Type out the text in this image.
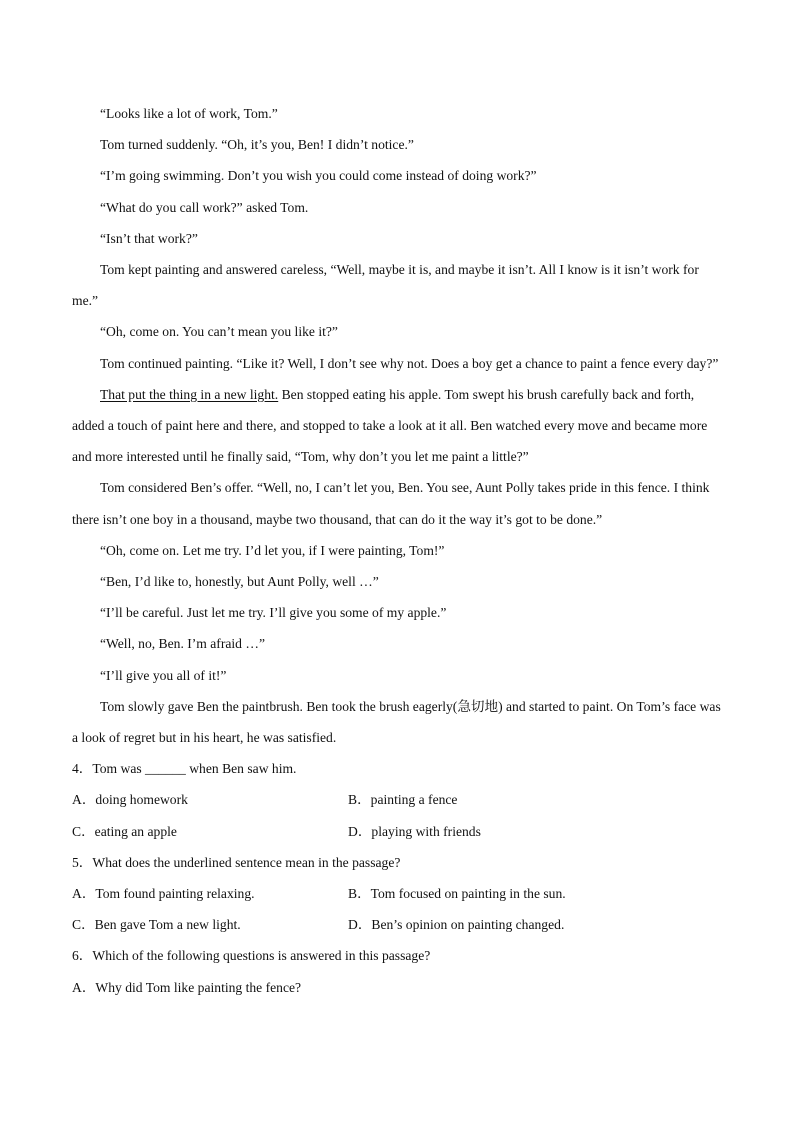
“Looks like a lot of work, Tom.”

Tom turned suddenly. “Oh, it’s you, Ben! I didn’t notice.”

“I’m going swimming. Don’t you wish you could come instead of doing work?”

“What do you call work?” asked Tom.

“Isn’t that work?”

Tom kept painting and answered careless, “Well, maybe it is, and maybe it isn’t. All I know is it isn’t work for me.”

“Oh, come on. You can’t mean you like it?”

Tom continued painting. “Like it? Well, I don’t see why not. Does a boy get a chance to paint a fence every day?”

That put the thing in a new light. Ben stopped eating his apple. Tom swept his brush carefully back and forth, added a touch of paint here and there, and stopped to take a look at it all. Ben watched every move and became more and more interested until he finally said, “Tom, why don’t you let me paint a little?”

Tom considered Ben’s offer. “Well, no, I can’t let you, Ben. You see, Aunt Polly takes pride in this fence. I think there isn’t one boy in a thousand, maybe two thousand, that can do it the way it’s got to be done.”

“Oh, come on. Let me try. I’d let you, if I were painting, Tom!”

“Ben, I’d like to, honestly, but Aunt Polly, well …”

“I’ll be careful. Just let me try. I’ll give you some of my apple.”

“Well, no, Ben. I’m afraid …”

“I’ll give you all of it!”

Tom slowly gave Ben the paintbrush. Ben took the brush eagerly(急切地) and started to paint. On Tom’s face was a look of regret but in his heart, he was satisfied.

4．Tom was ______ when Ben saw him.

A．doing homework	B．painting a fence
C．eating an apple	D．playing with friends

5．What does the underlined sentence mean in the passage?

A．Tom found painting relaxing.	B．Tom focused on painting in the sun.
C．Ben gave Tom a new light.	D．Ben’s opinion on painting changed.

6．Which of the following questions is answered in this passage?

A．Why did Tom like painting the fence?
